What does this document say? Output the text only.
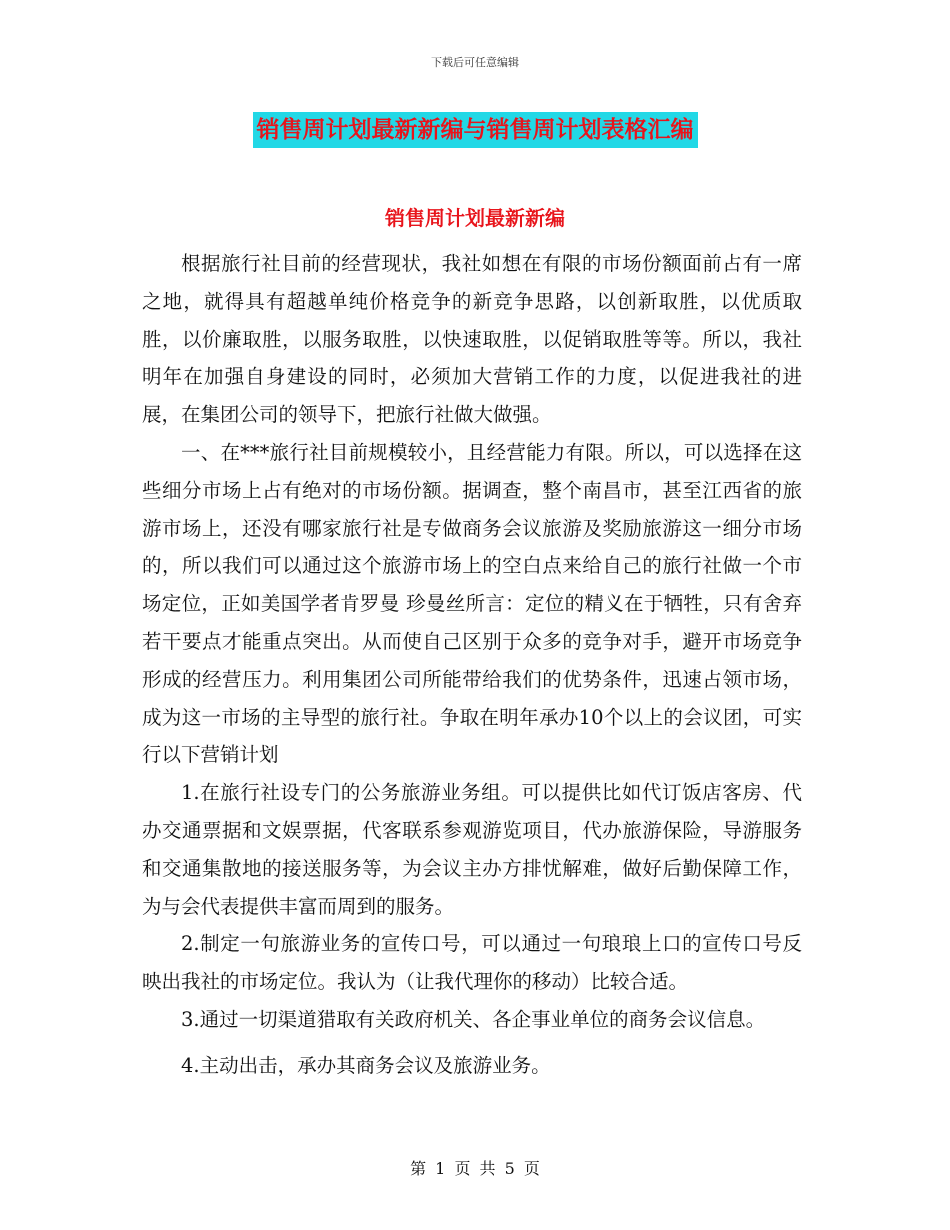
下载后可任意编辑
销售周计划最新新编与销售周计划表格汇编
销售周计划最新新编

根据旅行社目前的经营现状，我社如想在有限的市场份额面前占有一席之地，就得具有超越单纯价格竞争的新竞争思路，以创新取胜，以优质取胜，以价廉取胜，以服务取胜，以快速取胜，以促销取胜等等。所以，我社明年在加强自身建设的同时，必须加大营销工作的力度，以促进我社的进展，在集团公司的领导下，把旅行社做大做强。

一、在***旅行社目前规模较小，且经营能力有限。所以，可以选择在这些细分市场上占有绝对的市场份额。据调查，整个南昌市，甚至江西省的旅游市场上，还没有哪家旅行社是专做商务会议旅游及奖励旅游这一细分市场的，所以我们可以通过这个旅游市场上的空白点来给自己的旅行社做一个市场定位，正如美国学者肯罗曼 珍曼丝所言：定位的精义在于牺牲，只有舍弃若干要点才能重点突出。从而使自己区别于众多的竞争对手，避开市场竞争形成的经营压力。利用集团公司所能带给我们的优势条件，迅速占领市场，成为这一市场的主导型的旅行社。争取在明年承办10个以上的会议团，可实行以下营销计划

1.在旅行社设专门的公务旅游业务组。可以提供比如代订饭店客房、代办交通票据和文娱票据，代客联系参观游览项目，代办旅游保险，导游服务和交通集散地的接送服务等，为会议主办方排忧解难，做好后勤保障工作，为与会代表提供丰富而周到的服务。

2.制定一句旅游业务的宣传口号，可以通过一句琅琅上口的宣传口号反映出我社的市场定位。我认为（让我代理你的移动）比较合适。

3.通过一切渠道猎取有关政府机关、各企事业单位的商务会议信息。

4.主动出击，承办其商务会议及旅游业务。

第 1 页 共 5 页
